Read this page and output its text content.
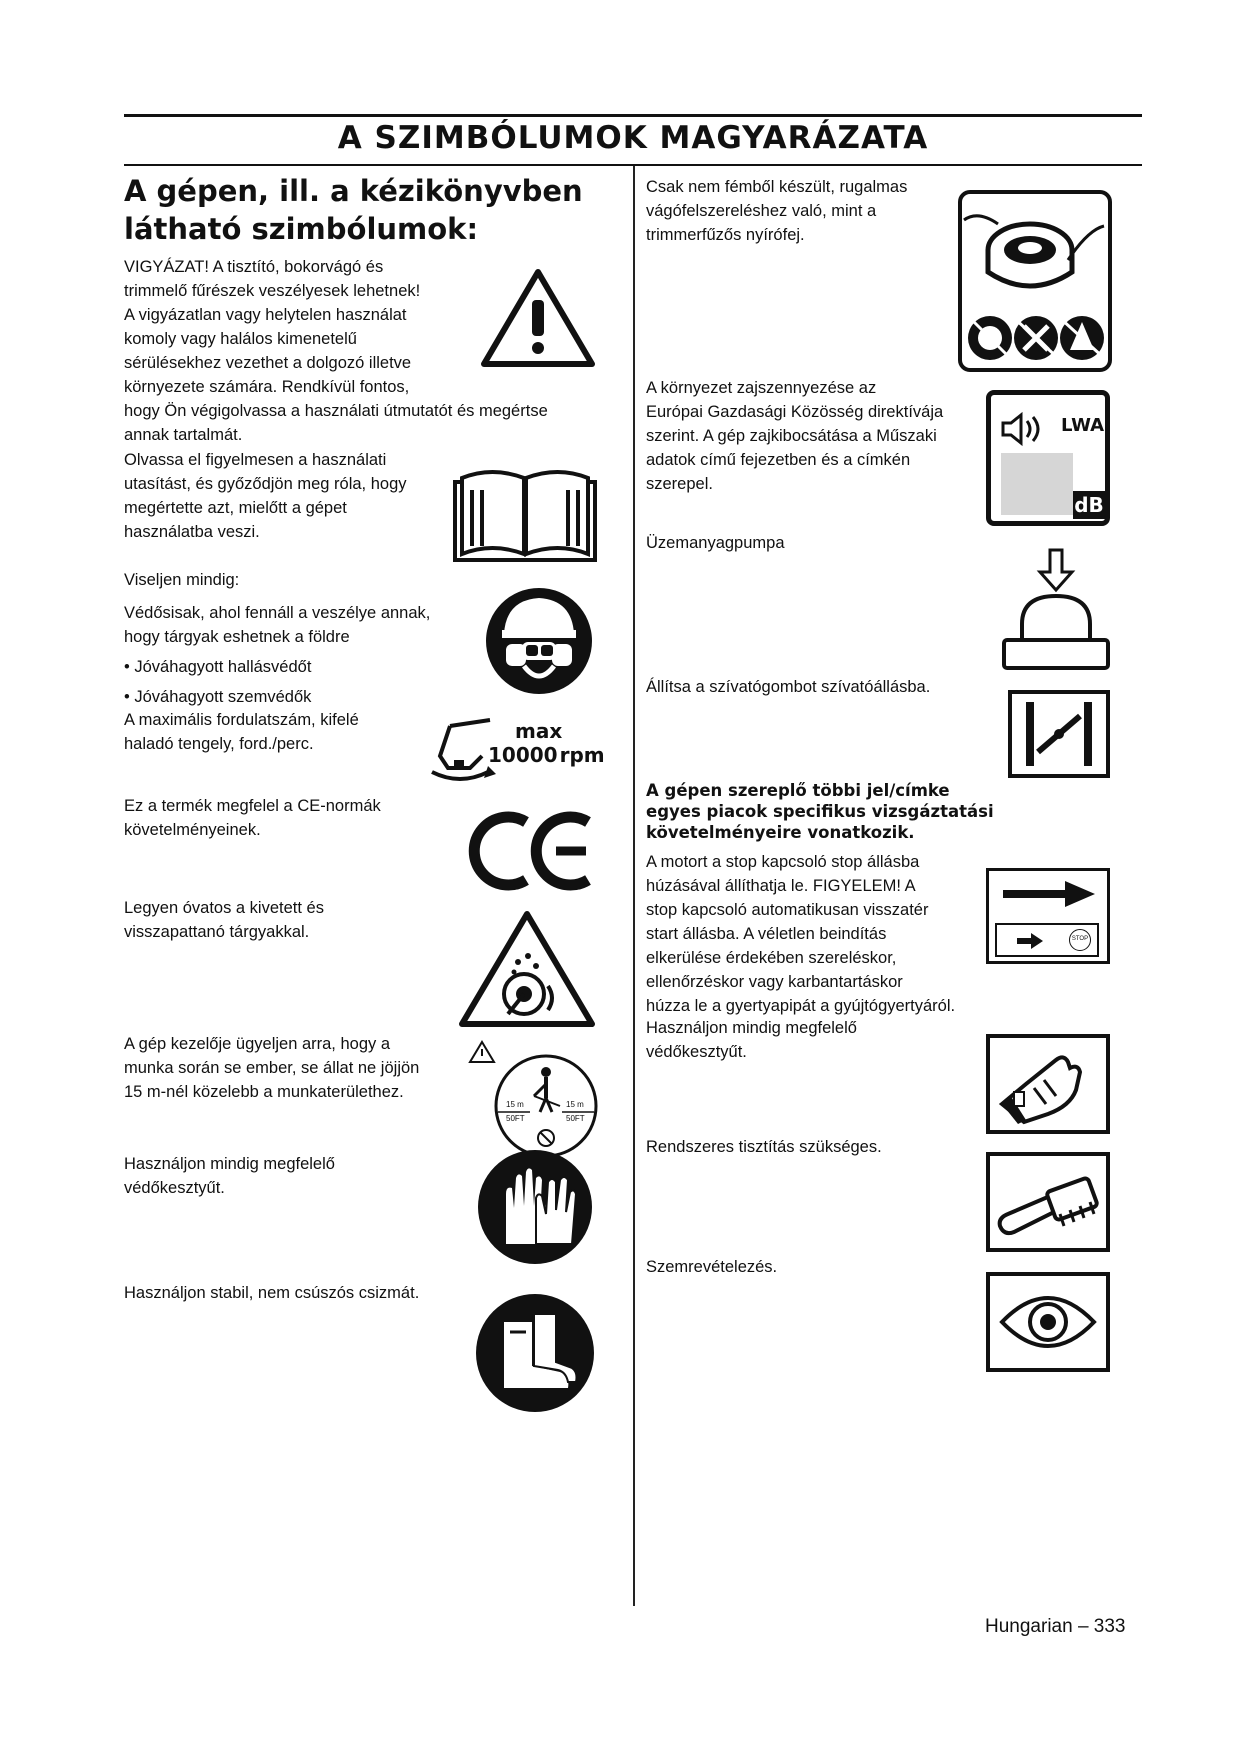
A SZIMBÓLUMOK MAGYARÁZATA
A gépen, ill. a kézikönyvben
látható szimbólumok:

VIGYÁZAT! A tisztító, bokorvágó és

trimmelő fűrészek veszélyesek lehetnek!

A vigyázatlan vagy helytelen használat

komoly vagy halálos kimenetelű

sérülésekhez vezethet a dolgozó illetve

környezete számára. Rendkívül fontos,

hogy Ön végigolvassa a használati útmutatót és megértse

annak tartalmát.

Olvassa el figyelmesen a használati

utasítást, és győződjön meg róla, hogy

megértette azt, mielőtt a gépet

használatba veszi.

Viseljen mindig:

Védősisak, ahol fennáll a veszélye annak,

hogy tárgyak eshetnek a földre

• Jóváhagyott hallásvédőt
• Jóváhagyott szemvédők

A maximális fordulatszám, kifelé

haladó tengely, ford./perc.

max
10000 rpm

Ez a termék megfelel a CE-normák

követelményeinek.

Legyen óvatos a kivetett és

visszapattanó tárgyakkal.

A gép kezelője ügyeljen arra, hogy a

munka során se ember, se állat ne jöjjön

15 m-nél közelebb a munkaterülethez.

15 m	15 m
50FT	50FT

Használjon mindig megfelelő

védőkesztyűt.

Használjon stabil, nem csúszós csizmát.

Csak nem fémből készült, rugalmas

vágófelszereléshez való, mint a

trimmerfűzős nyírófej.

A környezet zajszennyezése az

Európai Gazdasági Közösség direktívája

szerint. A gép zajkibocsátása a Műszaki

adatok című fejezetben és a címkén

szerepel.

LWA
dB
Üzemanyagpumpa
Állítsa a szívatógombot szívatóállásba.
A gépen szereplő többi jel/címke
egyes piacok specifikus vizsgáztatási
követelményeire vonatkozik.

A motort a stop kapcsoló stop állásba

húzásával állíthatja le. FIGYELEM! A

stop kapcsoló automatikusan visszatér

start állásba. A véletlen beindítás

elkerülése érdekében szereléskor,

ellenőrzéskor vagy karbantartáskor

húzza le a gyertyapipát a gyújtógyertyáról.

STOP

Használjon mindig megfelelő

védőkesztyűt.

Rendszeres tisztítás szükséges.
Szemrevételezés.
Hungarian – 333
